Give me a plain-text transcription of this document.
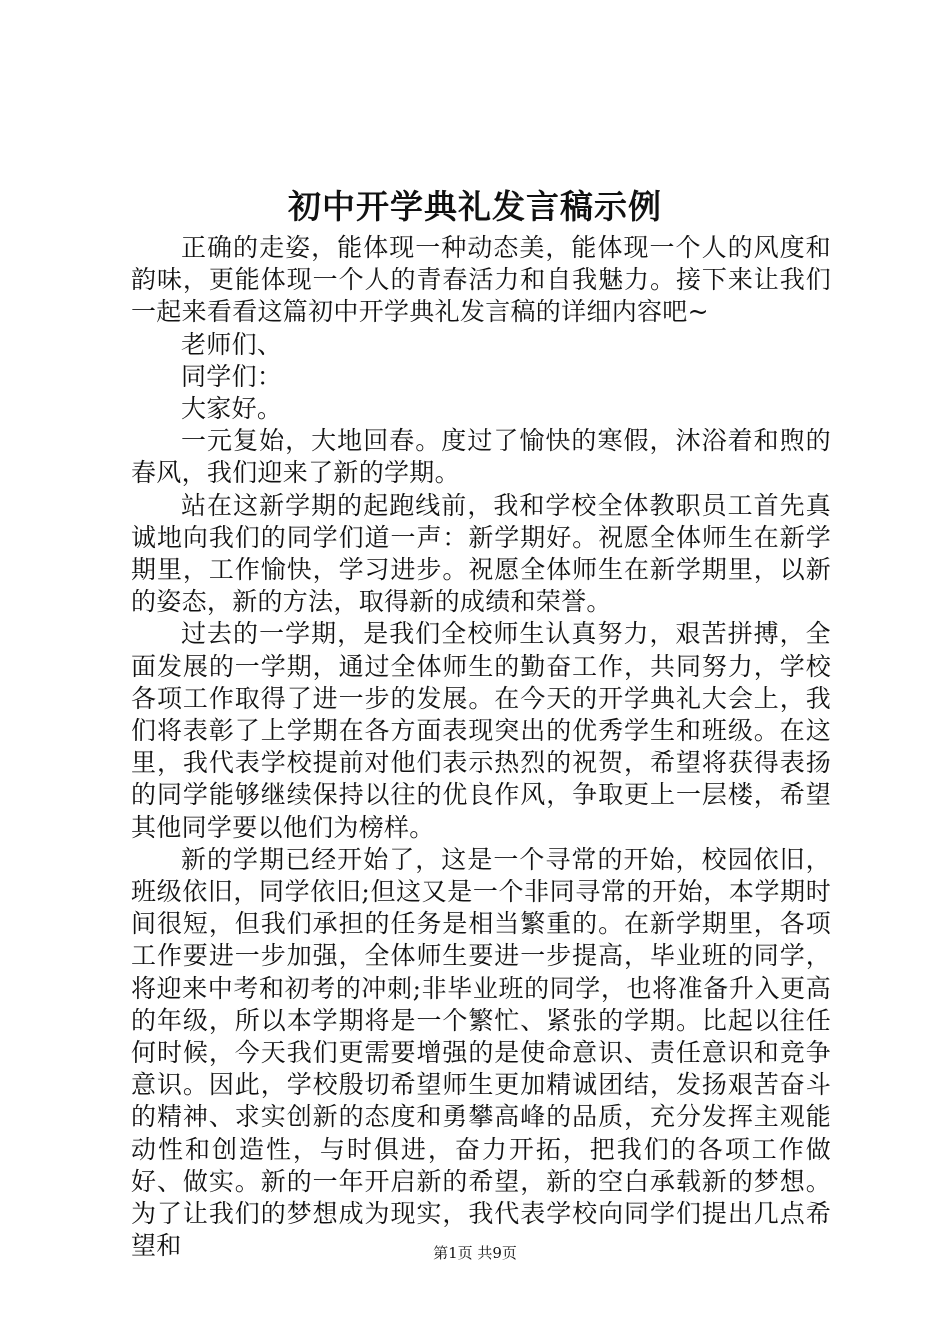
初中开学典礼发言稿示例

正确的走姿，能体现一种动态美，能体现一个人的风度和韵味，更能体现一个人的青春活力和自我魅力。接下来让我们一起来看看这篇初中开学典礼发言稿的详细内容吧~

老师们、

同学们：

大家好。

一元复始，大地回春。度过了愉快的寒假，沐浴着和煦的春风，我们迎来了新的学期。

站在这新学期的起跑线前，我和学校全体教职员工首先真诚地向我们的同学们道一声：新学期好。祝愿全体师生在新学期里，工作愉快，学习进步。祝愿全体师生在新学期里，以新的姿态，新的方法，取得新的成绩和荣誉。

过去的一学期，是我们全校师生认真努力，艰苦拼搏，全面发展的一学期，通过全体师生的勤奋工作，共同努力，学校各项工作取得了进一步的发展。在今天的开学典礼大会上，我们将表彰了上学期在各方面表现突出的优秀学生和班级。在这里，我代表学校提前对他们表示热烈的祝贺，希望将获得表扬的同学能够继续保持以往的优良作风，争取更上一层楼，希望其他同学要以他们为榜样。

新的学期已经开始了，这是一个寻常的开始，校园依旧，班级依旧，同学依旧;但这又是一个非同寻常的开始，本学期时间很短，但我们承担的任务是相当繁重的。在新学期里，各项工作要进一步加强，全体师生要进一步提高，毕业班的同学，将迎来中考和初考的冲刺;非毕业班的同学，也将准备升入更高的年级，所以本学期将是一个繁忙、紧张的学期。比起以往任何时候，今天我们更需要增强的是使命意识、责任意识和竞争意识。因此，学校殷切希望师生更加精诚团结，发扬艰苦奋斗的精神、求实创新的态度和勇攀高峰的品质，充分发挥主观能动性和创造性，与时俱进，奋力开拓，把我们的各项工作做好、做实。新的一年开启新的希望，新的空白承载新的梦想。为了让我们的梦想成为现实，我代表学校向同学们提出几点希望和	第1页 共9页
